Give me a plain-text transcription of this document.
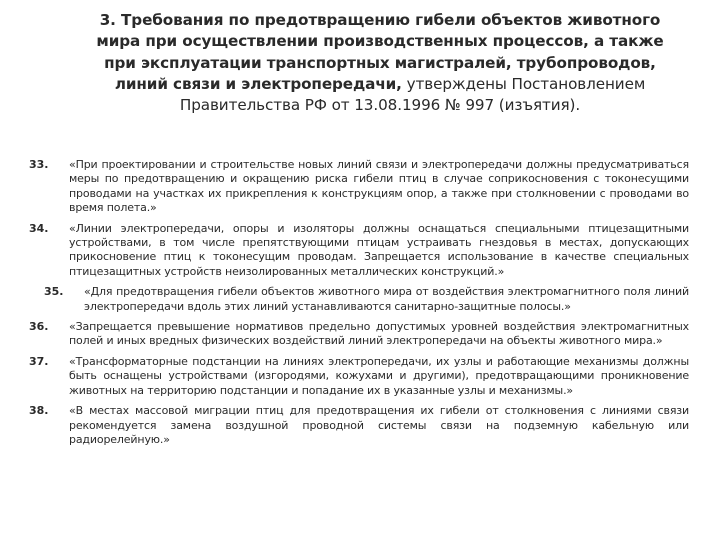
3. Требования по предотвращению гибели объектов животного мира при осуществлении производственных процессов, а также при эксплуатации транспортных магистралей, трубопроводов, линий связи и электропередачи, утверждены Постановлением Правительства РФ от 13.08.1996 № 997 (изъятия).
33.	«При проектировании и строительстве новых линий связи и электропередачи должны предусматриваться меры по предотвращению и окращению риска гибели птиц в случае соприкосновения с токонесущими проводами на участках их прикрепления к конструкциям опор, а также при столкновении с проводами во время полета.»
34.	«Линии электропередачи, опоры и изоляторы должны оснащаться специальными птицезащитными устройствами, в том числе препятствующими птицам устраивать гнездовья в местах, допускающих прикосновение птиц к токонесущим проводам. Запрещается использование в качестве специальных птицезащитных устройств неизолированных металлических конструкций.»
35.	«Для предотвращения гибели объектов животного мира от воздействия электромагнитного поля линий электропередачи вдоль этих линий устанавливаются санитарно-защитные полосы.»
36.	«Запрещается превышение нормативов предельно допустимых уровней воздействия электромагнитных полей и иных вредных физических воздействий линий электропередачи на объекты животного мира.»
37.	«Трансформаторные подстанции на линиях электропередачи, их узлы и работающие механизмы должны быть оснащены устройствами (изгородями, кожухами и другими), предотвращающими проникновение животных на территорию подстанции и попадание их в указанные узлы и механизмы.»
38.	«В местах массовой миграции птиц для предотвращения их гибели от столкновения с линиями связи рекомендуется замена воздушной проводной системы связи на подземную кабельную или радиорелейную.»
